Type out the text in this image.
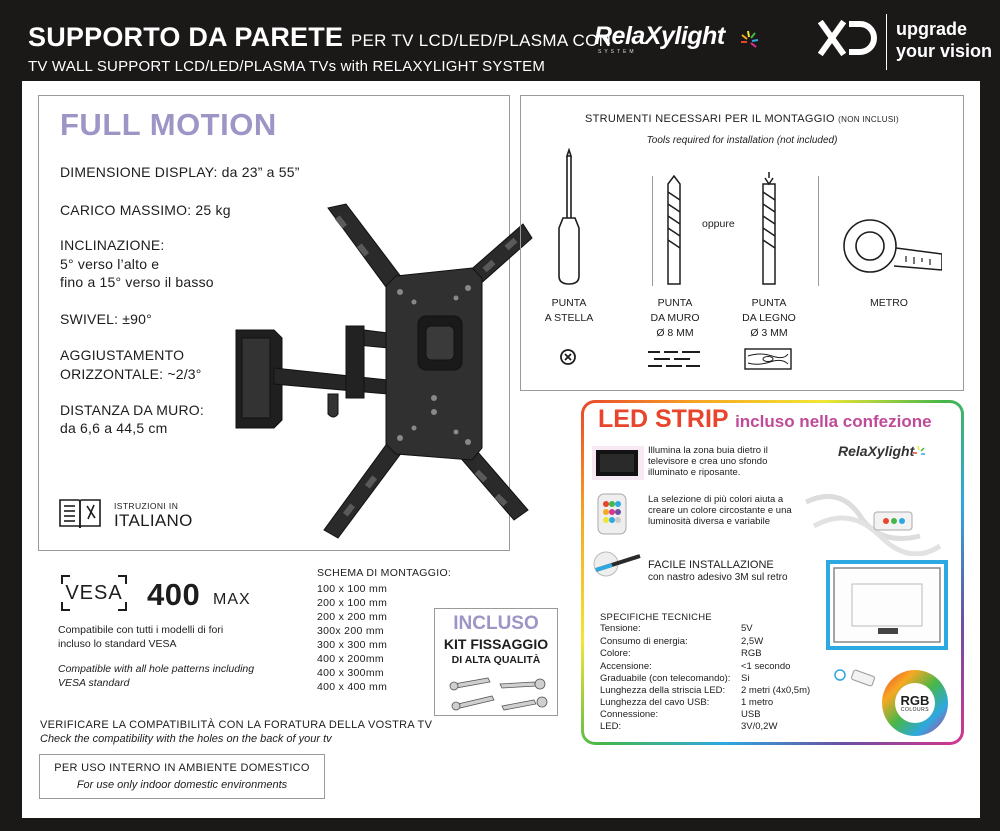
SUPPORTO DA PARETE PER TV LCD/LED/PLASMA CON
RelaXylight
SYSTEM
TV WALL SUPPORT LCD/LED/PLASMA TVs with RELAXYLIGHT SYSTEM
upgrade
your vision
FULL MOTION
DIMENSIONE DISPLAY: da 23” a 55”
CARICO MASSIMO: 25 kg
INCLINAZIONE:
5° verso l’alto e
fino a 15° verso il basso
SWIVEL: ±90°
AGGIUSTAMENTO
ORIZZONTALE: ~2/3°
DISTANZA DA MURO:
da 6,6 a 44,5 cm
ISTRUZIONI IN
ITALIANO
VESA 400 MAX
Compatibile con tutti i modelli di fori
incluso lo standard VESA
Compatible with all hole patterns including
VESA standard
SCHEMA DI MONTAGGIO:
100 x 100 mm
200 x 100 mm
200 x 200 mm
300x 200 mm
300 x 300 mm
400 x 200mm
400 x 300mm
400 x 400 mm
INCLUSO
KIT FISSAGGIO
DI ALTA QUALITÀ
VERIFICARE LA COMPATIBILITÀ CON LA FORATURA DELLA VOSTRA TV
Check the compatibility with the holes on the back of your tv
PER USO INTERNO IN AMBIENTE DOMESTICO
For use only indoor domestic environments
STRUMENTI NECESSARI PER IL MONTAGGIO (NON INCLUSI)
Tools required for installation (not included)
oppure
PUNTA
A STELLA
PUNTA
DA MURO
Ø 8 MM
PUNTA
DA LEGNO
Ø 3 MM
METRO
LED STRIP incluso nella confezione
Illumina la zona buia dietro il televisore e crea uno sfondo illuminato e riposante.
La selezione di più colori aiuta a creare un colore circostante e una luminosità diversa e variabile
FACILE INSTALLAZIONE
con nastro adesivo 3M sul retro
RelaXylight
RGB
COLOURS
SPECIFICHE TECNICHE
Tensione:	5V
Consumo di energia:	2,5W
Colore:	RGB
Accensione:	<1 secondo
Graduabile (con telecomando): Si
Lunghezza della striscia LED: 2 metri (4x0,5m)
Lunghezza del cavo USB:	1 metro
Connessione:	USB
LED:	3V/0,2W
